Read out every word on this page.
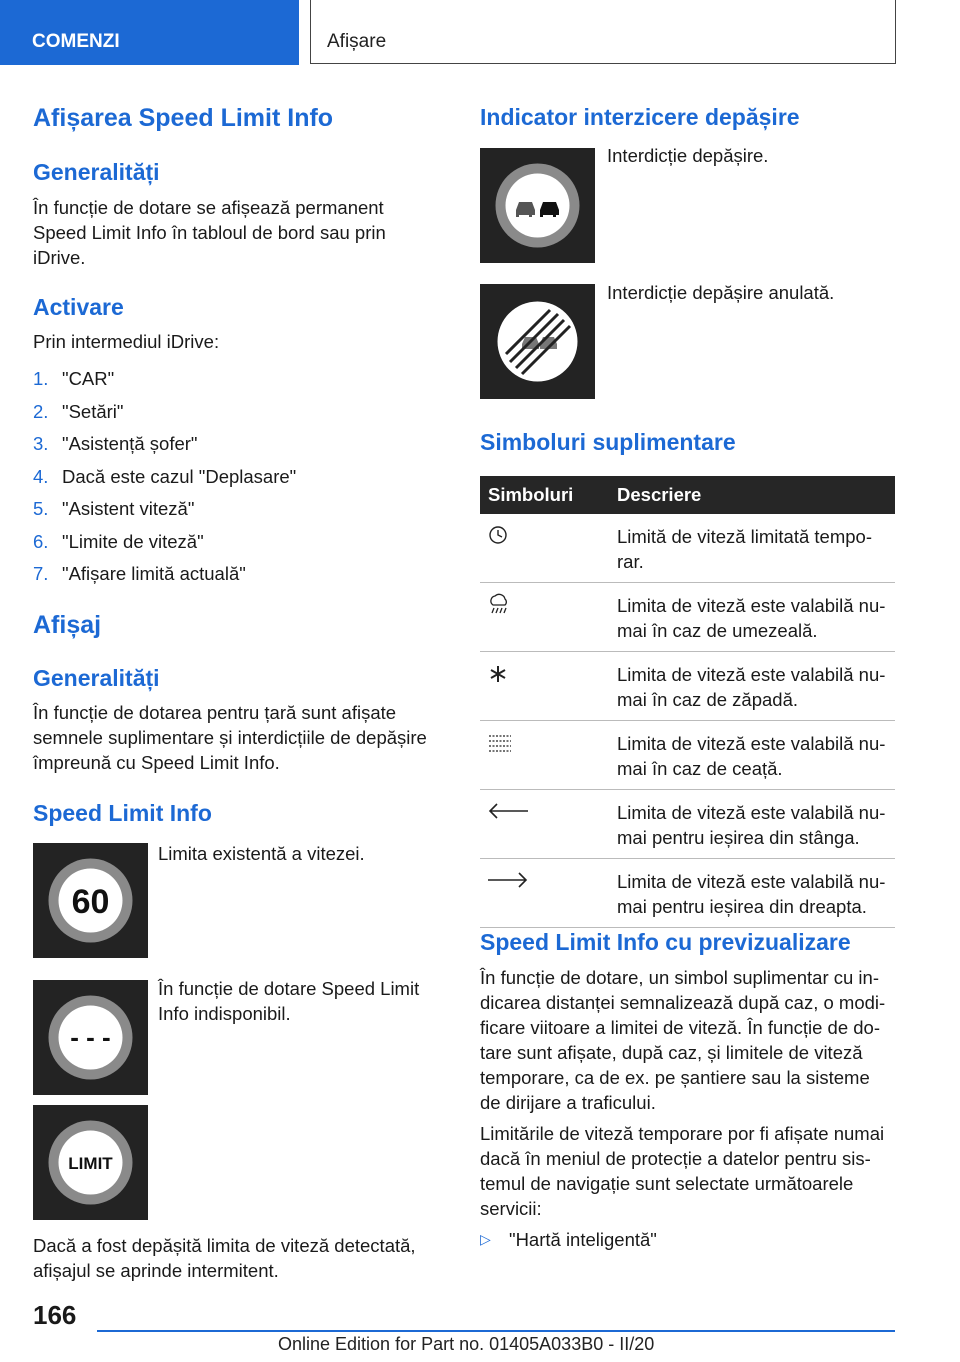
COMENZI	Afișare
Afișarea Speed Limit Info
Generalități
În funcție de dotare se afișează permanent
Speed Limit Info în tabloul de bord sau prin
iDrive.
Activare
Prin intermediul iDrive:
1. "CAR"
2. "Setări"
3. "Asistență șofer"
4. Dacă este cazul "Deplasare"
5. "Asistent viteză"
6. "Limite de viteză"
7. "Afișare limită actuală"
Afișaj
Generalități
În funcție de dotarea pentru țară sunt afișate
semnele suplimentare și interdicțiile de depășire
împreună cu Speed Limit Info.
Speed Limit Info
60
Limita existentă a vitezei.
- - -
În funcție de dotare Speed Limit
Info indisponibil.
LIMIT
Dacă a fost depășită limita de viteză detectată,
afișajul se aprinde intermitent.
Indicator interzicere depășire
Interdicție depășire.
Interdicție depășire anulată.
Simboluri suplimentare
Simboluri	Descriere

Limită de viteză limitată tempo-
rar.

Limita de viteză este valabilă nu-
mai în caz de umezeală.

Limita de viteză este valabilă nu-
mai în caz de zăpadă.

Limita de viteză este valabilă nu-
mai în caz de ceață.

Limita de viteză este valabilă nu-
mai pentru ieșirea din stânga.

Limita de viteză este valabilă nu-
mai pentru ieșirea din dreapta.
Speed Limit Info cu previzualizare
În funcție de dotare, un simbol suplimentar cu in-
dicarea distanței semnalizează după caz, o modi-
ficare viitoare a limitei de viteză. În funcție de do-
tare sunt afișate, după caz, și limitele de viteză
temporare, ca de ex. pe șantiere sau la sisteme
de dirijare a traficului.
Limitările de viteză temporare por fi afișate numai
dacă în meniul de protecție a datelor pentru sis-
temul de navigație sunt selectate următoarele
servicii:
▷ "Hartă inteligentă"
166
Online Edition for Part no. 01405A033B0 - II/20
